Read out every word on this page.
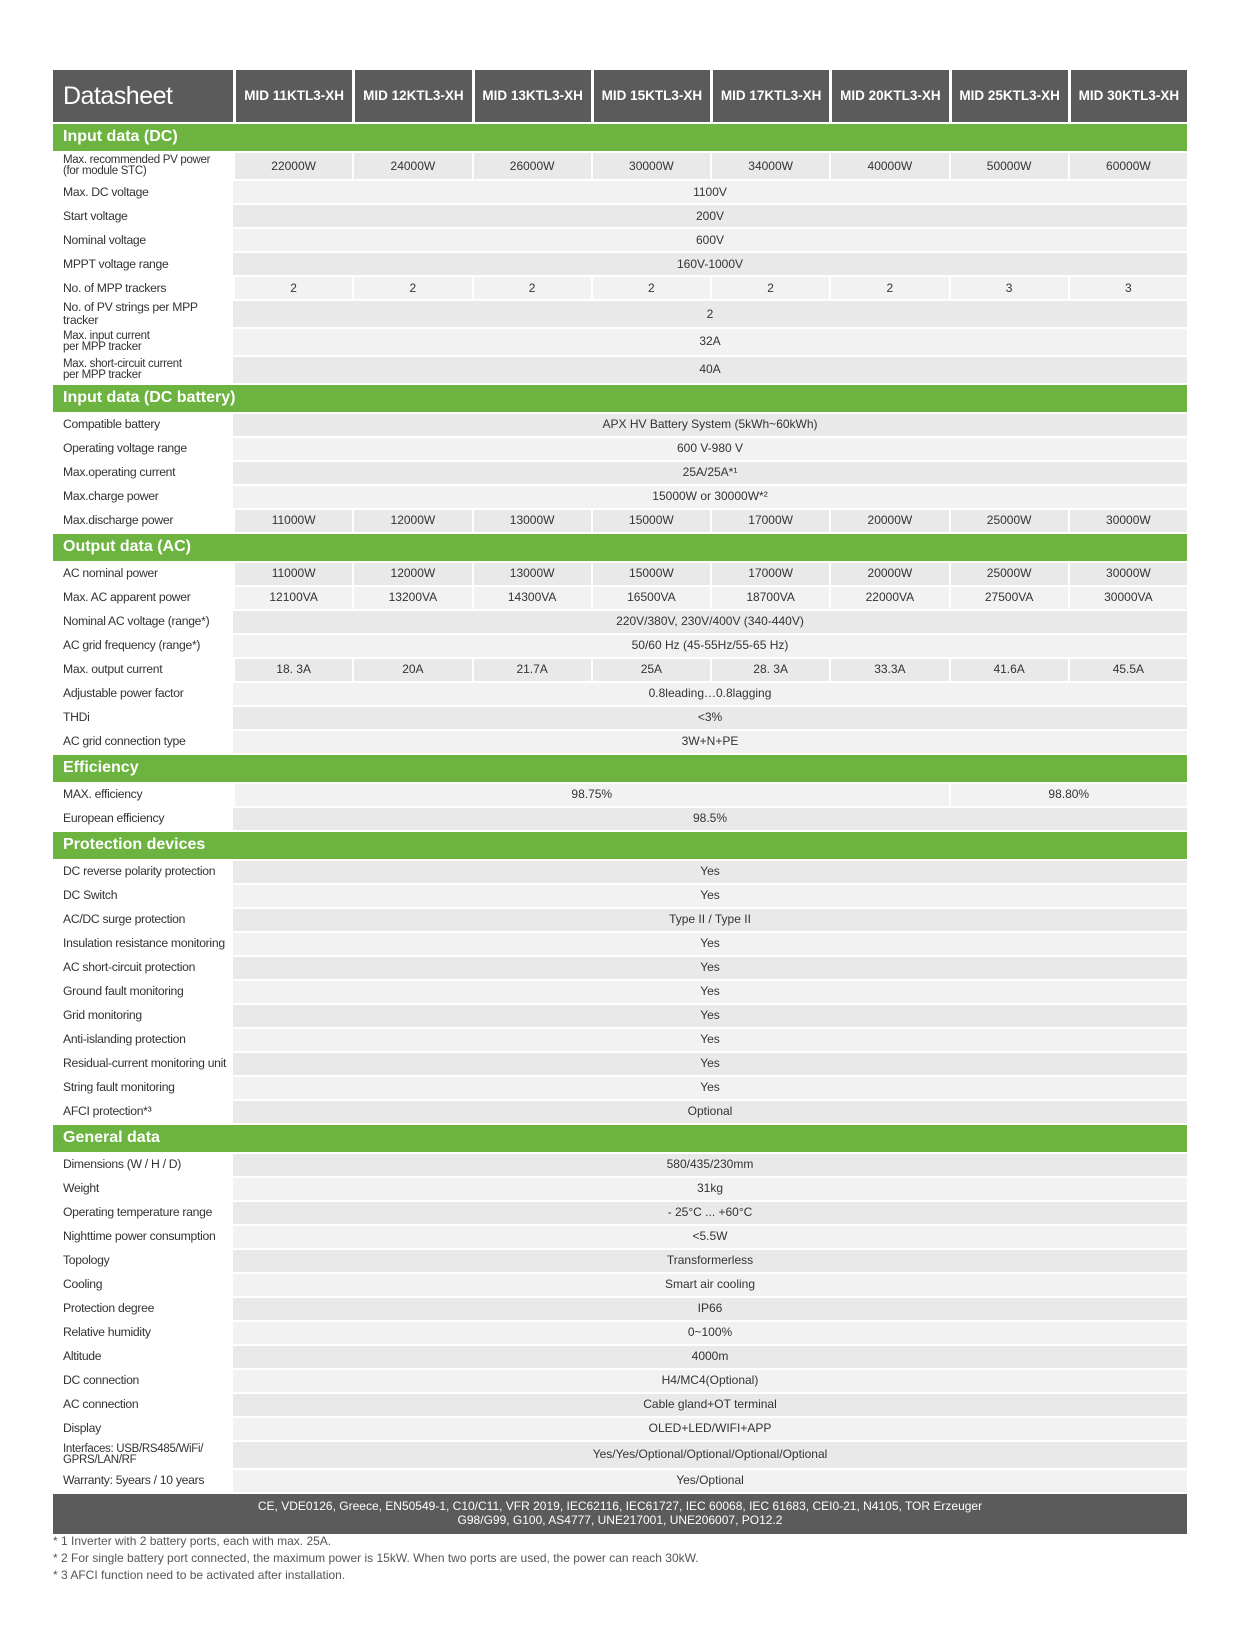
Datasheet	MID 11KTL3-XH	MID 12KTL3-XH	MID 13KTL3-XH	MID 15KTL3-XH	MID 17KTL3-XH	MID 20KTL3-XH	MID 25KTL3-XH	MID 30KTL3-XH
Input data (DC)								
Max. recommended PV power
(for module STC)	22000W	24000W	26000W	30000W	34000W	40000W	50000W	60000W
Max. DC voltage	1100V							
Start voltage	200V							
Nominal voltage	600V							
MPPT voltage range	160V-1000V							
No. of MPP trackers	2	2	2	2	2	2	3	3
No. of PV strings per MPP tracker	2							
Max. input current
per MPP tracker	32A							
Max. short-circuit current
per MPP tracker	40A							
Input data (DC battery)								
Compatible battery	APX HV Battery System (5kWh~60kWh)							
Operating voltage range	600 V-980 V							
Max.operating current	25A/25A*¹							
Max.charge power	15000W or 30000W*²							
Max.discharge power	11000W	12000W	13000W	15000W	17000W	20000W	25000W	30000W
Output data (AC)								
AC nominal power	11000W	12000W	13000W	15000W	17000W	20000W	25000W	30000W
Max. AC apparent power	12100VA	13200VA	14300VA	16500VA	18700VA	22000VA	27500VA	30000VA
Nominal AC voltage (range*)	220V/380V, 230V/400V (340-440V)							
AC grid frequency (range*)	50/60 Hz (45-55Hz/55-65 Hz)							
Max. output current	18. 3A	20A	21.7A	25A	28. 3A	33.3A	41.6A	45.5A
Adjustable power factor	0.8leading…0.8lagging							
THDi	<3%							
AC grid connection type	3W+N+PE							
Efficiency								
MAX. efficiency	98.75%						98.80%	
European efficiency	98.5%							
Protection devices								
DC reverse polarity protection	Yes							
DC Switch	Yes							
AC/DC surge protection	Type II / Type II							
Insulation resistance monitoring	Yes							
AC short-circuit protection	Yes							
Ground fault monitoring	Yes							
Grid monitoring	Yes							
Anti-islanding protection	Yes							
Residual-current monitoring unit	Yes							
String fault monitoring	Yes							
AFCI protection*³	Optional							
General data								
Dimensions (W / H / D)	580/435/230mm							
Weight	31kg							
Operating temperature range	- 25°C ... +60°C							
Nighttime power consumption	<5.5W							
Topology	Transformerless							
Cooling	Smart air cooling							
Protection degree	IP66							
Relative humidity	0~100%							
Altitude	4000m							
DC connection	H4/MC4(Optional)							
AC connection	Cable gland+OT terminal							
Display	OLED+LED/WIFI+APP							
Interfaces: USB/RS485/WiFi/
GPRS/LAN/RF	Yes/Yes/Optional/Optional/Optional/Optional							
Warranty: 5years / 10 years	Yes/Optional							
CE, VDE0126, Greece, EN50549-1, C10/C11, VFR 2019, IEC62116, IEC61727, IEC 60068, IEC 61683, CEI0-21, N4105, TOR Erzeuger
G98/G99, G100, AS4777, UNE217001, UNE206007, PO12.2								
* 1 Inverter with 2 battery ports, each with max. 25A.
* 2 For single battery port connected, the maximum power is 15kW. When two ports are used, the power can reach 30kW.
* 3 AFCI function need to be activated after installation.
